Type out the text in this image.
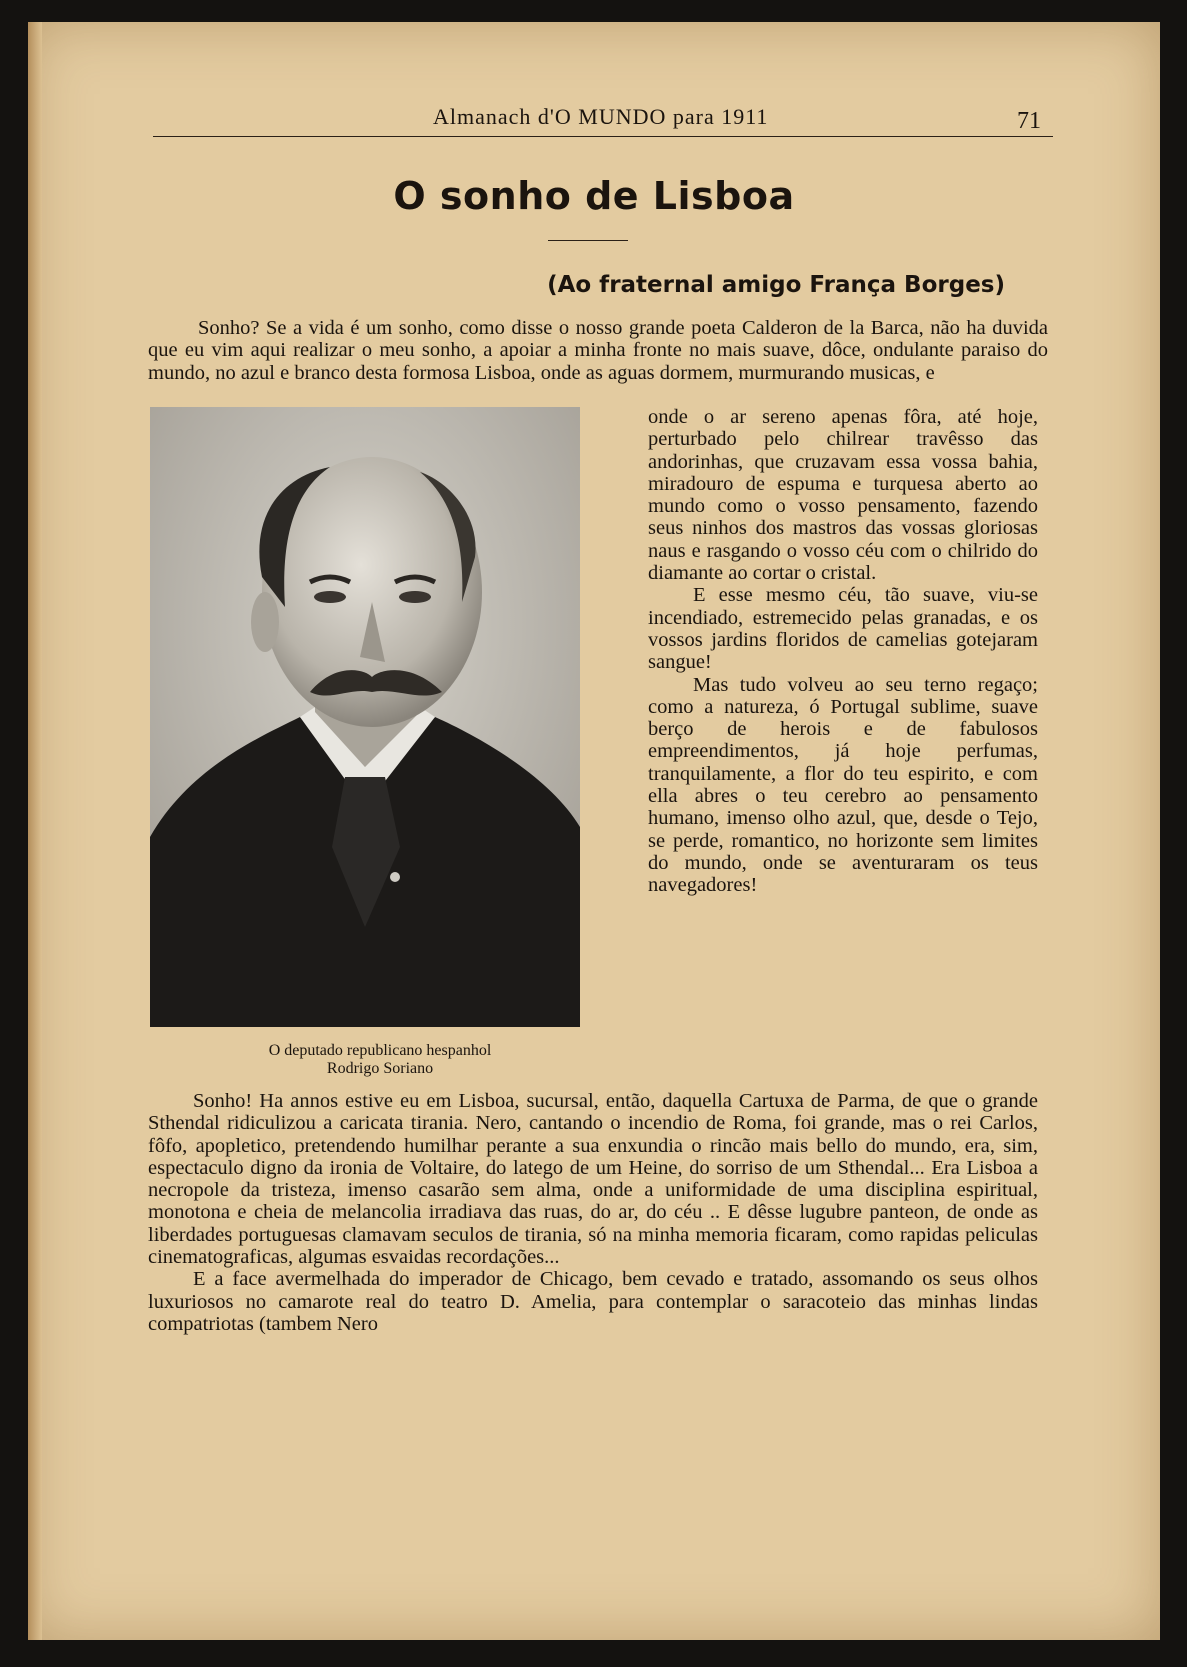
Almanach d'O MUNDO para 1911	71
O sonho de Lisboa
(Ao fraternal amigo França Borges)

Sonho? Se a vida é um sonho, como disse o nosso grande poeta Calderon de la Barca, não ha duvida que eu vim aqui realizar o meu sonho, a apoiar a minha fronte no mais suave, dôce, ondulante paraiso do mundo, no azul e branco desta formosa Lisboa, onde as aguas dormem, murmurando musicas, e

O deputado republicano hespanhol
Rodrigo Soriano

onde o ar sereno apenas fôra, até hoje, perturbado pelo chilrear travêsso das andorinhas, que cruzavam essa vossa bahia, miradouro de espuma e turquesa aberto ao mundo como o vosso pensamento, fazendo seus ninhos dos mastros das vossas gloriosas naus e rasgando o vosso céu com o chilrido do diamante ao cortar o cristal.

E esse mesmo céu, tão suave, viu-se incendiado, estremecido pelas granadas, e os vossos jardins floridos de camelias gotejaram sangue!

Mas tudo volveu ao seu terno regaço; como a natureza, ó Portugal sublime, suave berço de herois e de fabulosos empreendimentos, já hoje perfumas, tranquilamente, a flor do teu espirito, e com ella abres o teu cerebro ao pensamento humano, imenso olho azul, que, desde o Tejo, se perde, romantico, no horizonte sem limites do mundo, onde se aventuraram os teus navegadores!

Sonho! Ha annos estive eu em Lisboa, sucursal, então, daquella Cartuxa de Parma, de que o grande Sthendal ridiculizou a caricata tirania. Nero, cantando o incendio de Roma, foi grande, mas o rei Carlos, fôfo, apopletico, pretendendo humilhar perante a sua enxundia o rincão mais bello do mundo, era, sim, espectaculo digno da ironia de Voltaire, do latego de um Heine, do sorriso de um Sthendal... Era Lisboa a necropole da tristeza, imenso casarão sem alma, onde a uniformidade de uma disciplina espiritual, monotona e cheia de melancolia irradiava das ruas, do ar, do céu .. E dêsse lugubre panteon, de onde as liberdades portuguesas clamavam seculos de tirania, só na minha memoria ficaram, como rapidas peliculas cinematograficas, algumas esvaidas recordações...

E a face avermelhada do imperador de Chicago, bem cevado e tratado, assomando os seus olhos luxuriosos no camarote real do teatro D. Amelia, para contemplar o saracoteio das minhas lindas compatriotas (tambem Nero
